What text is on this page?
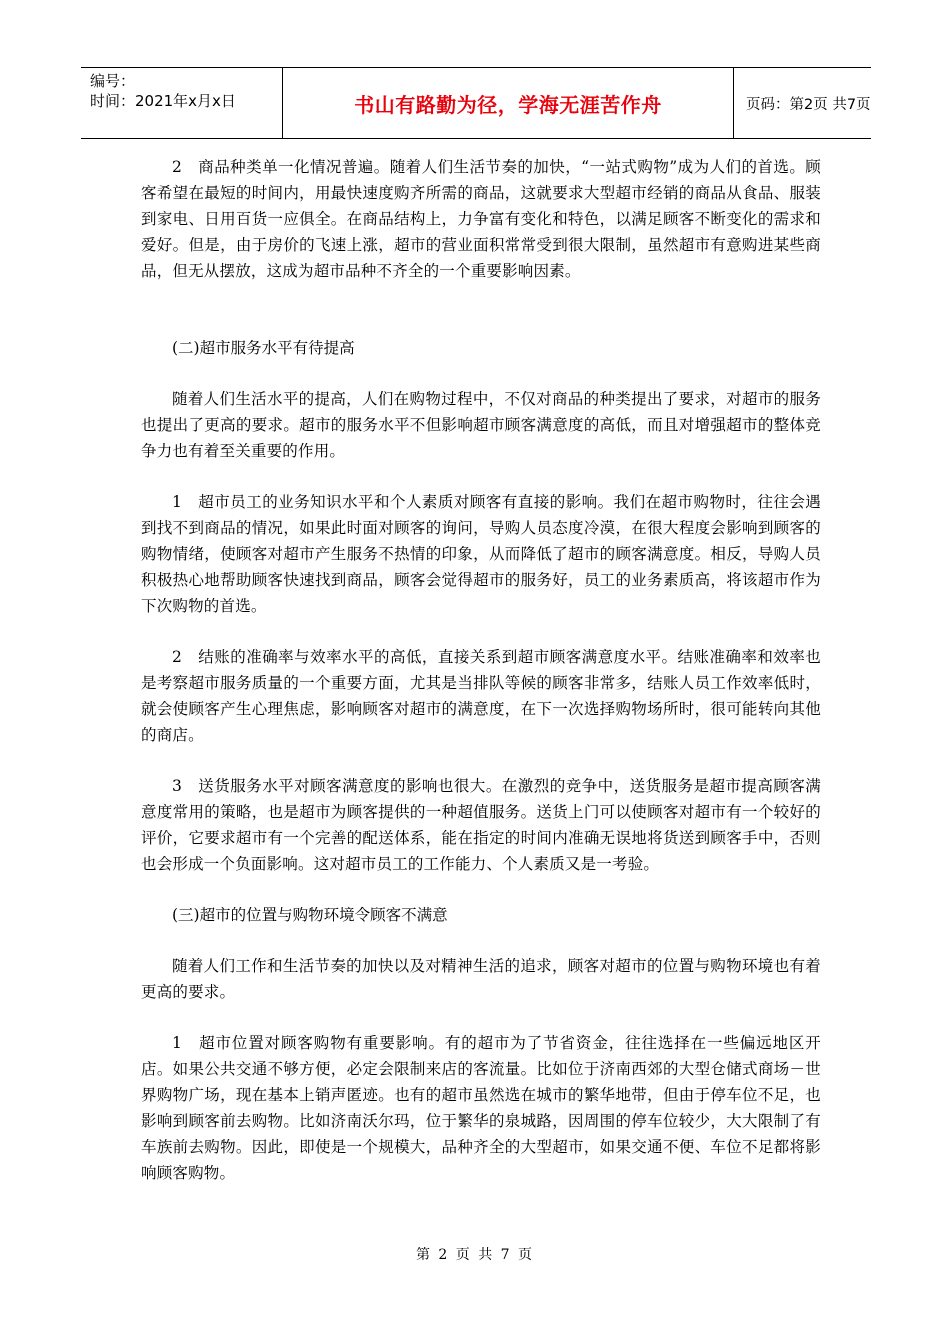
编号：
时间：2021年x月x日	书山有路勤为径，学海无涯苦作舟	页码：第2页 共7页

2　商品种类单一化情况普遍。随着人们生活节奏的加快，“一站式购物”成为人们的首选。顾客希望在最短的时间内，用最快速度购齐所需的商品，这就要求大型超市经销的商品从食品、服装到家电、日用百货一应俱全。在商品结构上，力争富有变化和特色，以满足顾客不断变化的需求和爱好。但是，由于房价的飞速上涨，超市的营业面积常常受到很大限制，虽然超市有意购进某些商品，但无从摆放，这成为超市品种不齐全的一个重要影响因素。

(二)超市服务水平有待提高

随着人们生活水平的提高，人们在购物过程中，不仅对商品的种类提出了要求，对超市的服务也提出了更高的要求。超市的服务水平不但影响超市顾客满意度的高低，而且对增强超市的整体竞争力也有着至关重要的作用。

1　超市员工的业务知识水平和个人素质对顾客有直接的影响。我们在超市购物时，往往会遇到找不到商品的情况，如果此时面对顾客的询问，导购人员态度冷漠，在很大程度会影响到顾客的购物情绪，使顾客对超市产生服务不热情的印象，从而降低了超市的顾客满意度。相反，导购人员积极热心地帮助顾客快速找到商品，顾客会觉得超市的服务好，员工的业务素质高，将该超市作为下次购物的首选。

2　结账的准确率与效率水平的高低，直接关系到超市顾客满意度水平。结账准确率和效率也是考察超市服务质量的一个重要方面，尤其是当排队等候的顾客非常多，结账人员工作效率低时，就会使顾客产生心理焦虑，影响顾客对超市的满意度，在下一次选择购物场所时，很可能转向其他的商店。

3　送货服务水平对顾客满意度的影响也很大。在激烈的竞争中，送货服务是超市提高顾客满意度常用的策略，也是超市为顾客提供的一种超值服务。送货上门可以使顾客对超市有一个较好的评价，它要求超市有一个完善的配送体系，能在指定的时间内准确无误地将货送到顾客手中，否则也会形成一个负面影响。这对超市员工的工作能力、个人素质又是一考验。

(三)超市的位置与购物环境令顾客不满意

随着人们工作和生活节奏的加快以及对精神生活的追求，顾客对超市的位置与购物环境也有着更高的要求。

1　超市位置对顾客购物有重要影响。有的超市为了节省资金，往往选择在一些偏远地区开店。如果公共交通不够方便，必定会限制来店的客流量。比如位于济南西郊的大型仓储式商场－世界购物广场，现在基本上销声匿迹。也有的超市虽然选在城市的繁华地带，但由于停车位不足，也影响到顾客前去购物。比如济南沃尔玛，位于繁华的泉城路，因周围的停车位较少，大大限制了有车族前去购物。因此，即使是一个规模大，品种齐全的大型超市，如果交通不便、车位不足都将影响顾客购物。

第 2 页 共 7 页
